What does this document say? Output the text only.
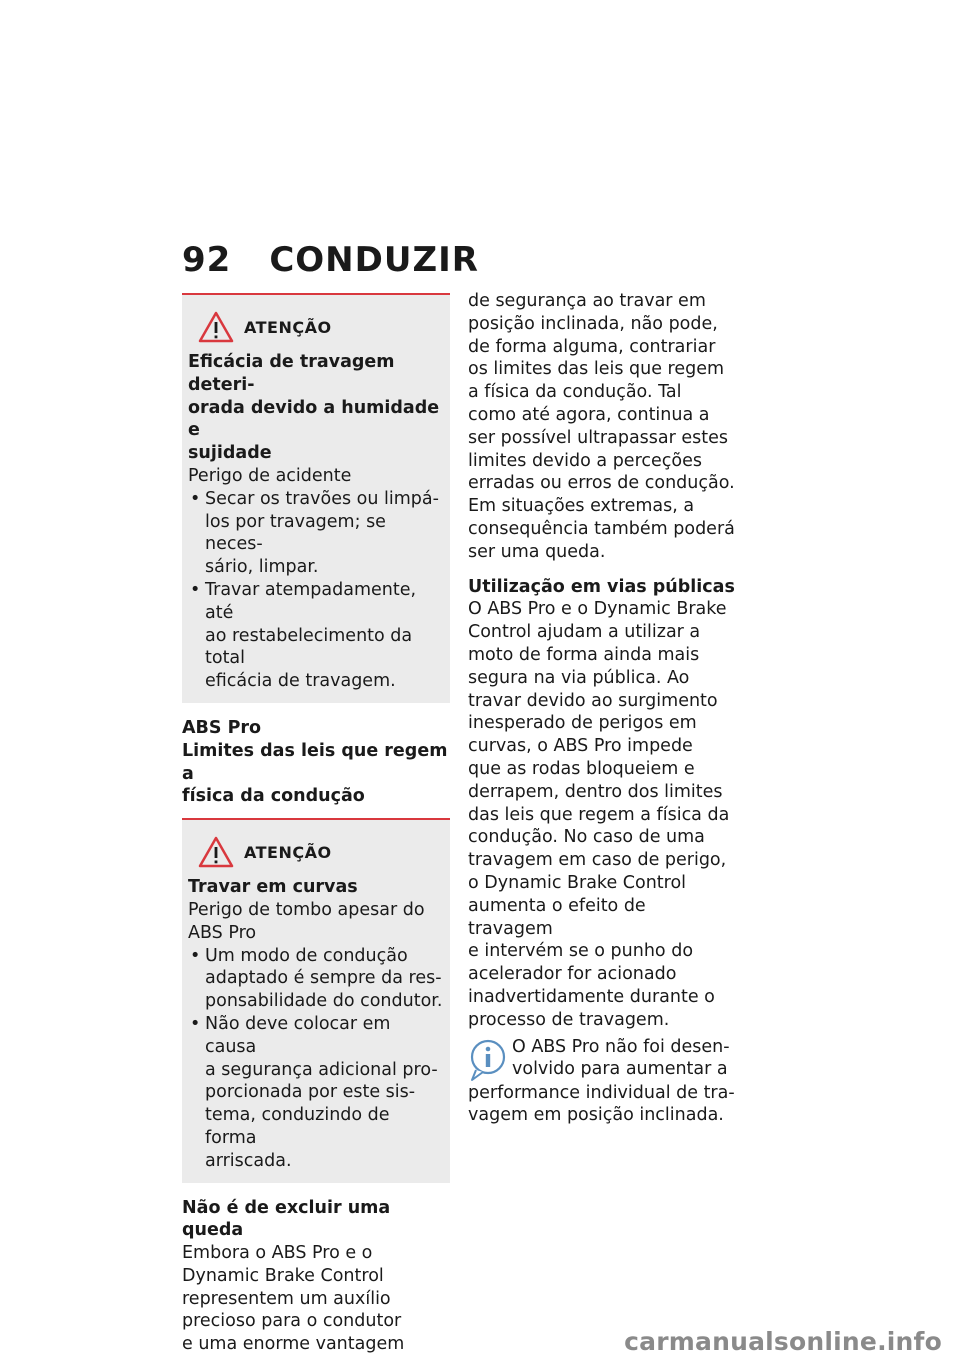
92 CONDUZIR
ATENÇÃO
Eficácia de travagem deteri-
orada devido a humidade e
sujidade
Perigo de acidente
• Secar os travões ou limpá-
los por travagem; se neces-
sário, limpar.
• Travar atempadamente, até
ao restabelecimento da total
eficácia de travagem.
ABS Pro
Limites das leis que regem a
física da condução
ATENÇÃO
Travar em curvas
Perigo de tombo apesar do
ABS Pro
• Um modo de condução
adaptado é sempre da res-
ponsabilidade do condutor.
• Não deve colocar em causa
a segurança adicional pro-
porcionada por este sis-
tema, conduzindo de forma
arriscada.
Não é de excluir uma queda
Embora o ABS Pro e o
Dynamic Brake Control
representem um auxílio
precioso para o condutor
e uma enorme vantagem
de segurança ao travar em
posição inclinada, não pode,
de forma alguma, contrariar
os limites das leis que regem
a física da condução. Tal
como até agora, continua a
ser possível ultrapassar estes
limites devido a perceções
erradas ou erros de condução.
Em situações extremas, a
consequência também poderá
ser uma queda.
Utilização em vias públicas
O ABS Pro e o Dynamic Brake
Control ajudam a utilizar a
moto de forma ainda mais
segura na via pública. Ao
travar devido ao surgimento
inesperado de perigos em
curvas, o ABS Pro impede
que as rodas bloqueiem e
derrapem, dentro dos limites
das leis que regem a física da
condução. No caso de uma
travagem em caso de perigo,
o Dynamic Brake Control
aumenta o efeito de travagem
e intervém se o punho do
acelerador for acionado
inadvertidamente durante o
processo de travagem.
O ABS Pro não foi desen-
volvido para aumentar a
performance individual de tra-
vagem em posição inclinada.
carmanualsonline.info
